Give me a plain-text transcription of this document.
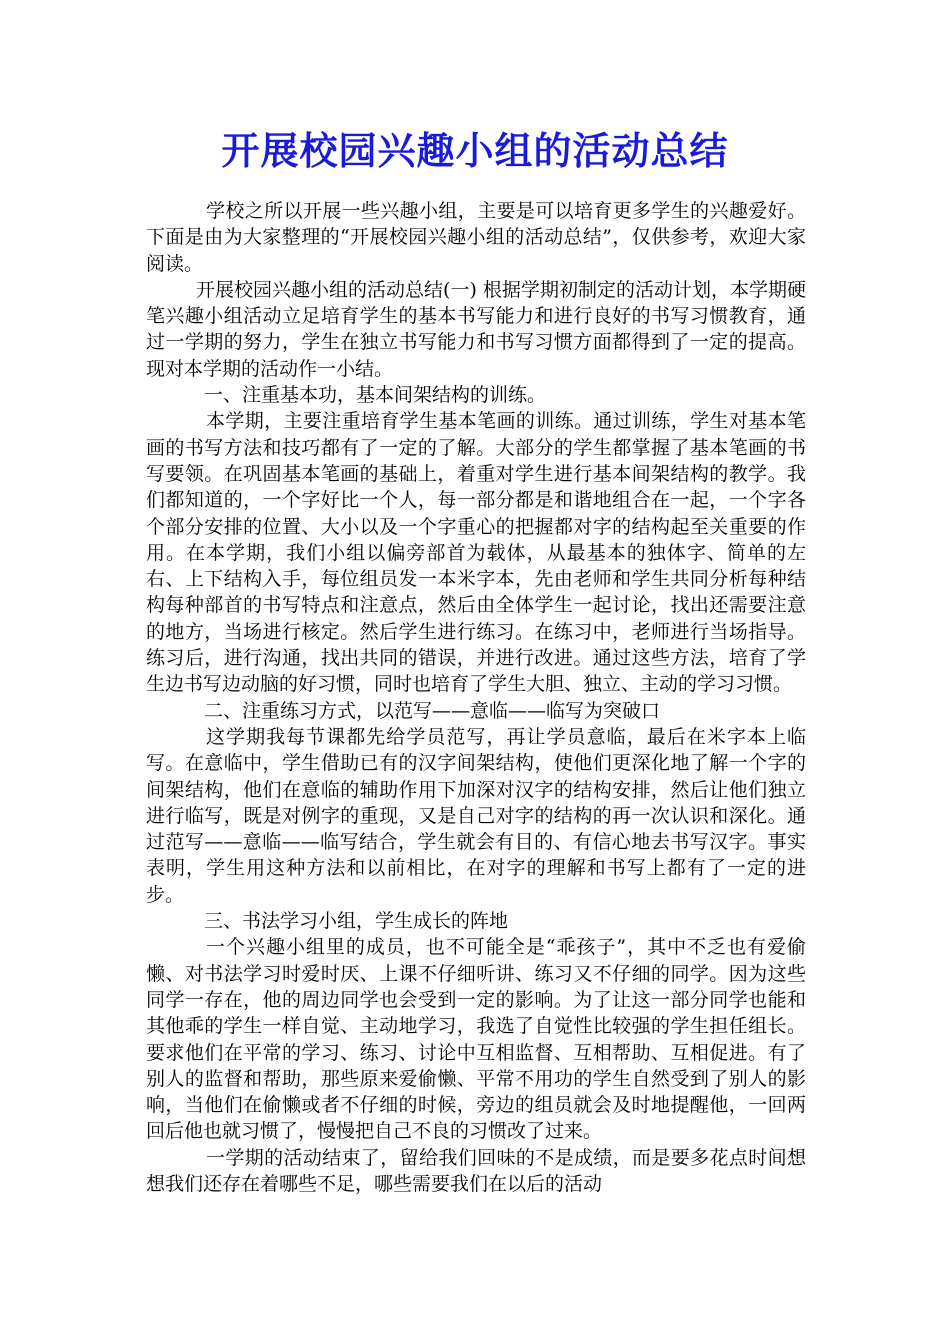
开展校园兴趣小组的活动总结

学校之所以开展一些兴趣小组，主要是可以培育更多学生的兴趣爱好。下面是由为大家整理的“开展校园兴趣小组的活动总结”，仅供参考，欢迎大家阅读。

开展校园兴趣小组的活动总结(一) 根据学期初制定的活动计划，本学期硬笔兴趣小组活动立足培育学生的基本书写能力和进行良好的书写习惯教育，通过一学期的努力，学生在独立书写能力和书写习惯方面都得到了一定的提高。现对本学期的活动作一小结。

一、注重基本功，基本间架结构的训练。

本学期，主要注重培育学生基本笔画的训练。通过训练，学生对基本笔画的书写方法和技巧都有了一定的了解。大部分的学生都掌握了基本笔画的书写要领。在巩固基本笔画的基础上，着重对学生进行基本间架结构的教学。我们都知道的，一个字好比一个人，每一部分都是和谐地组合在一起，一个字各个部分安排的位置、大小以及一个字重心的把握都对字的结构起至关重要的作用。在本学期，我们小组以偏旁部首为载体，从最基本的独体字、简单的左右、上下结构入手，每位组员发一本米字本，先由老师和学生共同分析每种结构每种部首的书写特点和注意点，然后由全体学生一起讨论，找出还需要注意的地方，当场进行核定。然后学生进行练习。在练习中，老师进行当场指导。练习后，进行沟通，找出共同的错误，并进行改进。通过这些方法，培育了学生边书写边动脑的好习惯，同时也培育了学生大胆、独立、主动的学习习惯。

二、注重练习方式，以范写——意临——临写为突破口

这学期我每节课都先给学员范写，再让学员意临，最后在米字本上临写。在意临中，学生借助已有的汉字间架结构，使他们更深化地了解一个字的间架结构，他们在意临的辅助作用下加深对汉字的结构安排，然后让他们独立进行临写，既是对例字的重现，又是自己对字的结构的再一次认识和深化。通过范写——意临——临写结合，学生就会有目的、有信心地去书写汉字。事实表明，学生用这种方法和以前相比，在对字的理解和书写上都有了一定的进步。

三、书法学习小组，学生成长的阵地

一个兴趣小组里的成员，也不可能全是“乖孩子”，其中不乏也有爱偷懒、对书法学习时爱时厌、上课不仔细听讲、练习又不仔细的同学。因为这些同学一存在，他的周边同学也会受到一定的影响。为了让这一部分同学也能和其他乖的学生一样自觉、主动地学习，我选了自觉性比较强的学生担任组长。要求他们在平常的学习、练习、讨论中互相监督、互相帮助、互相促进。有了别人的监督和帮助，那些原来爱偷懒、平常不用功的学生自然受到了别人的影响，当他们在偷懒或者不仔细的时候，旁边的组员就会及时地提醒他，一回两回后他也就习惯了，慢慢把自己不良的习惯改了过来。

一学期的活动结束了，留给我们回味的不是成绩，而是要多花点时间想想我们还存在着哪些不足，哪些需要我们在以后的活动
